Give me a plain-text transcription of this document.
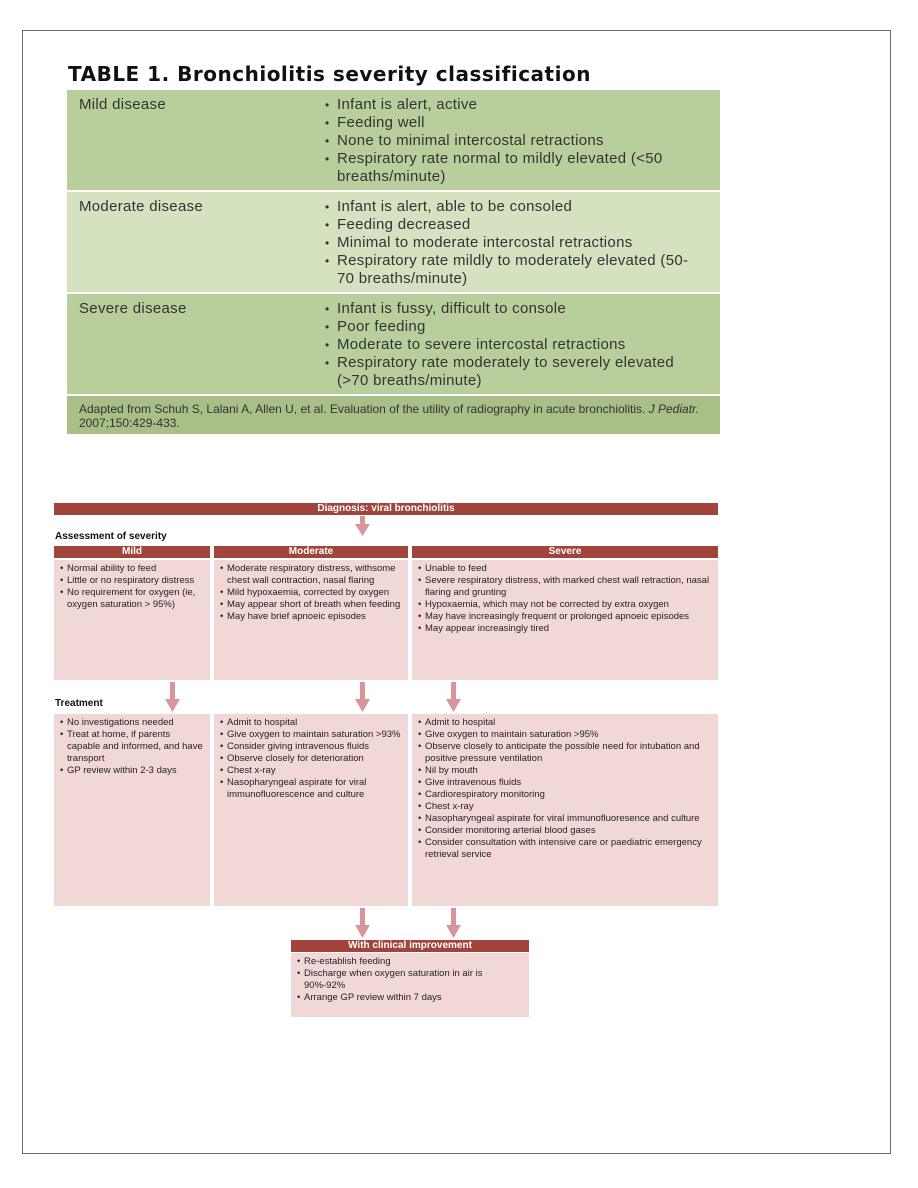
TABLE 1. Bronchiolitis severity classification
Mild disease	• Infant is alert, active
• Feeding well
• None to minimal intercostal retractions
• Respiratory rate normal to mildly elevated (<50 breaths/minute)
Moderate disease	• Infant is alert, able to be consoled
• Feeding decreased
• Minimal to moderate intercostal retractions
• Respiratory rate mildly to moderately elevated (50-70 breaths/minute)
Severe disease	• Infant is fussy, difficult to console
• Poor feeding
• Moderate to severe intercostal retractions
• Respiratory rate moderately to severely elevated (>70 breaths/minute)
Adapted from Schuh S, Lalani A, Allen U, et al. Evaluation of the utility of radiography in acute bronchiolitis. J Pediatr. 2007;150:429-433.
Diagnosis: viral bronchiolitis
Assessment of severity
Mild	Moderate	Severe
• Normal ability to feed
• Little or no respiratory distress
• No requirement for oxygen (ie, oxygen saturation > 95%)
• Moderate respiratory distress, withsome chest wall contraction, nasal flaring
• Mild hypoxaemia, corrected by oxygen
• May appear short of breath when feeding
• May have brief apnoeic episodes
• Unable to feed
• Severe respiratory distress, with marked chest wall retraction, nasal flaring and grunting
• Hypoxaemia, which may not be corrected by extra oxygen
• May have increasingly frequent or prolonged apnoeic episodes
• May appear increasingly tired
Treatment
• No investigations needed
• Treat at home, if parents capable and informed, and have transport
• GP review within 2-3 days
• Admit to hospital
• Give oxygen to maintain saturation >93%
• Consider giving intravenous fluids
• Observe closely for deterioration
• Chest x-ray
• Nasopharyngeal aspirate for viral immunofluorescence and culture
• Admit to hospital
• Give oxygen to maintain saturation >95%
• Observe closely to anticipate the possible need for intubation and positive pressure ventilation
• Nil by mouth
• Give intravenous fluids
• Cardiorespiratory monitoring
• Chest x-ray
• Nasopharyngeal aspirate for viral immunofluoresence and culture
• Consider monitoring arterial blood gases
• Consider consultation with intensive care or paediatric emergency retrieval service
With clinical improvement
• Re-establish feeding
• Discharge when oxygen saturation in air is 90%-92%
• Arrange GP review within 7 days
